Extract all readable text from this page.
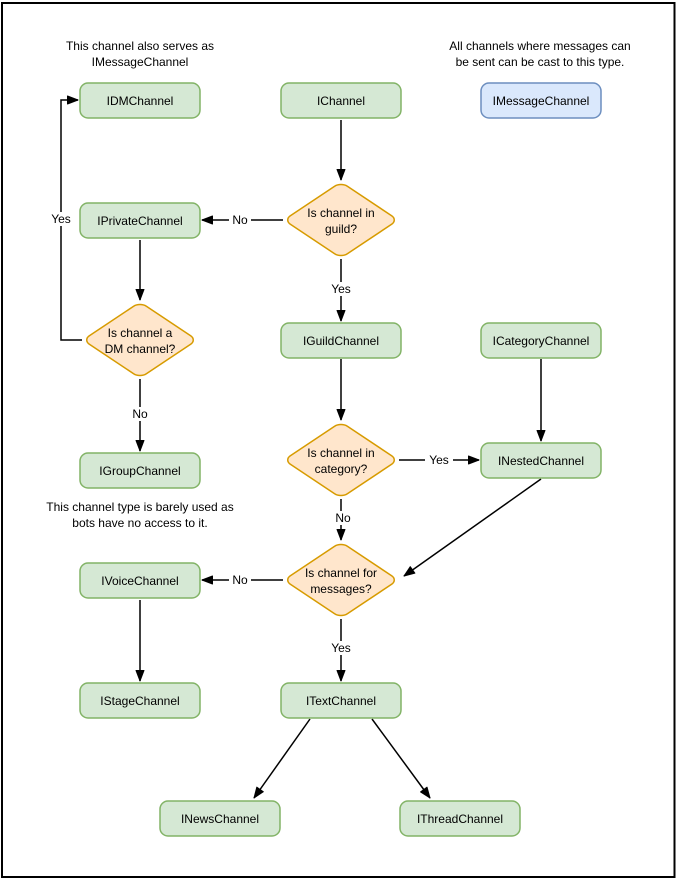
IDMChannel	IChannel	IMessageChannel
IPrivateChannel
IGuildChannel	ICategoryChannel
IGroupChannel
INestedChannel
IVoiceChannel
IStageChannel	ITextChannel
INewsChannel	IThreadChannel
Is channel in guild?
Is channel a DM channel?
Is channel in category?
Is channel for messages?
No
Yes
Yes
No
Yes
No
No
Yes
This channel also serves as IMessageChannel
All channels where messages can be sent can be cast to this type.
This channel type is barely used as bots have no access to it.
